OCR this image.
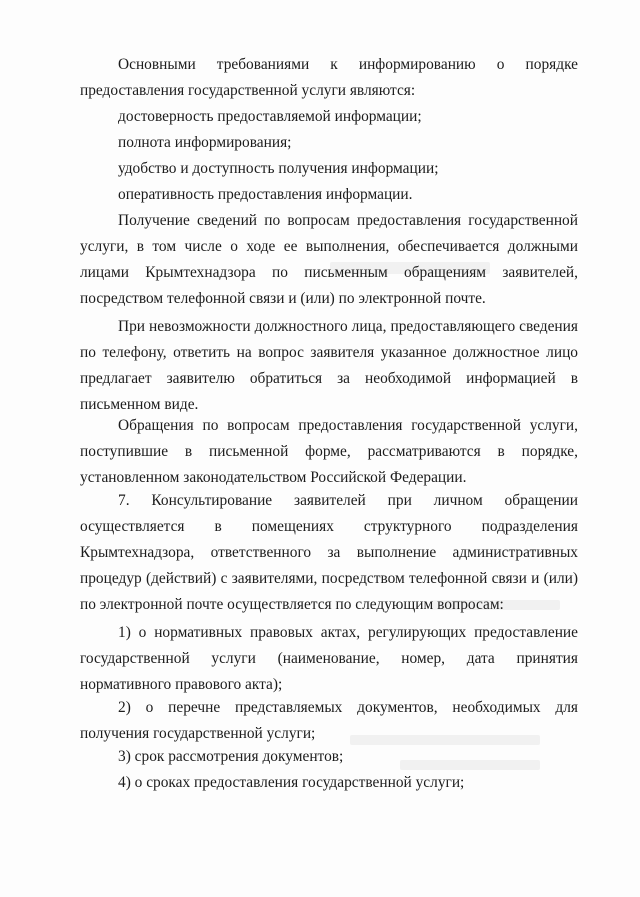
Основными требованиями к информированию о порядке предоставления государственной услуги являются:

достоверность предоставляемой информации;

полнота информирования;

удобство и доступность получения информации;

оперативность предоставления информации.

Получение сведений по вопросам предоставления государственной услуги, в том числе о ходе ее выполнения, обеспечивается должными лицами Крымтехнадзора по письменным обращениям заявителей, посредством телефонной связи и (или) по электронной почте.

При невозможности должностного лица, предоставляющего сведения по телефону, ответить на вопрос заявителя указанное должностное лицо предлагает заявителю обратиться за необходимой информацией в письменном виде.

Обращения по вопросам предоставления государственной услуги, поступившие в письменной форме, рассматриваются в порядке, установленном законодательством Российской Федерации.

7. Консультирование заявителей при личном обращении осуществляется в помещениях структурного подразделения Крымтехнадзора, ответственного за выполнение административных процедур (действий) с заявителями, посредством телефонной связи и (или) по электронной почте осуществляется по следующим вопросам:

1) о нормативных правовых актах, регулирующих предоставление государственной услуги (наименование, номер, дата принятия нормативного правового акта);

2) о перечне представляемых документов, необходимых для получения государственной услуги;

3) срок рассмотрения документов;

4) о сроках предоставления государственной услуги;
